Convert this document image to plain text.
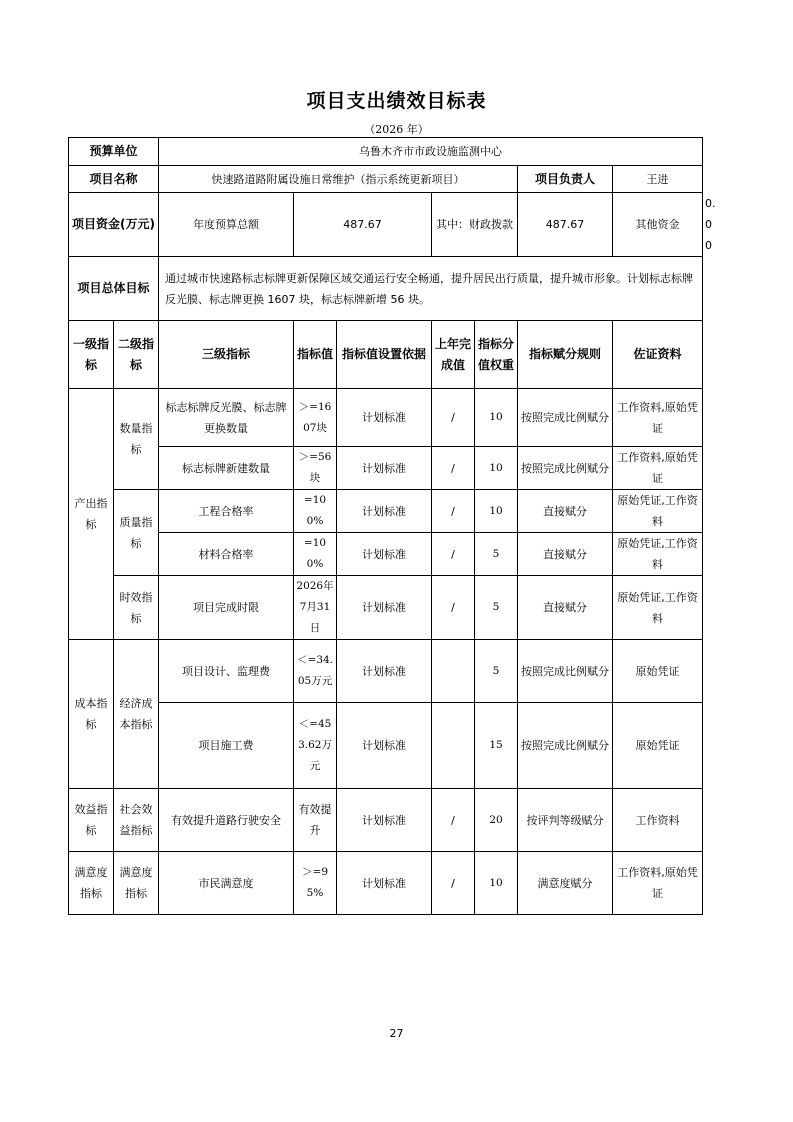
项目支出绩效目标表
（2026 年）
预算单位		乌鲁木齐市市政设施监测中心							
项目名称		快速路道路附属设施日常维护（指示系统更新项目）					项目负责人	王进	
项目资金(万元)		年度预算总额	487.67		其中：财政拨款		487.67	其他资金	0.00
项目总体目标		通过城市快速路标志标牌更新保障区域交通运行安全畅通，提升居民出行质量，提升城市形象。计划标志标牌反光膜、标志牌更换 1607 块，标志标牌新增 56 块。							
一级指标	二级指标	三级指标	指标值	指标值设置依据	上年完成值	指标分值权重	指标赋分规则	佐证资料	
产出指标	数量指标	标志标牌反光膜、标志牌更换数量	＞=1607块	计划标准	/	10	按照完成比例赋分	工作资料,原始凭证	
		标志标牌新建数量	＞=56块	计划标准	/	10	按照完成比例赋分	工作资料,原始凭证	
	质量指标	工程合格率	=100%	计划标准	/	10	直接赋分	原始凭证,工作资料	
		材料合格率	=100%	计划标准	/	5	直接赋分	原始凭证,工作资料	
	时效指标	项目完成时限	2026年7月31日	计划标准	/	5	直接赋分	原始凭证,工作资料	
成本指标	经济成本指标	项目设计、监理费	＜=34.05万元	计划标准		5	按照完成比例赋分	原始凭证	
		项目施工费	＜=453.62万元	计划标准		15	按照完成比例赋分	原始凭证	
效益指标	社会效益指标	有效提升道路行驶安全	有效提升	计划标准	/	20	按评判等级赋分	工作资料	
满意度指标	满意度指标	市民满意度	＞=95%	计划标准	/	10	满意度赋分	工作资料,原始凭证	
27
